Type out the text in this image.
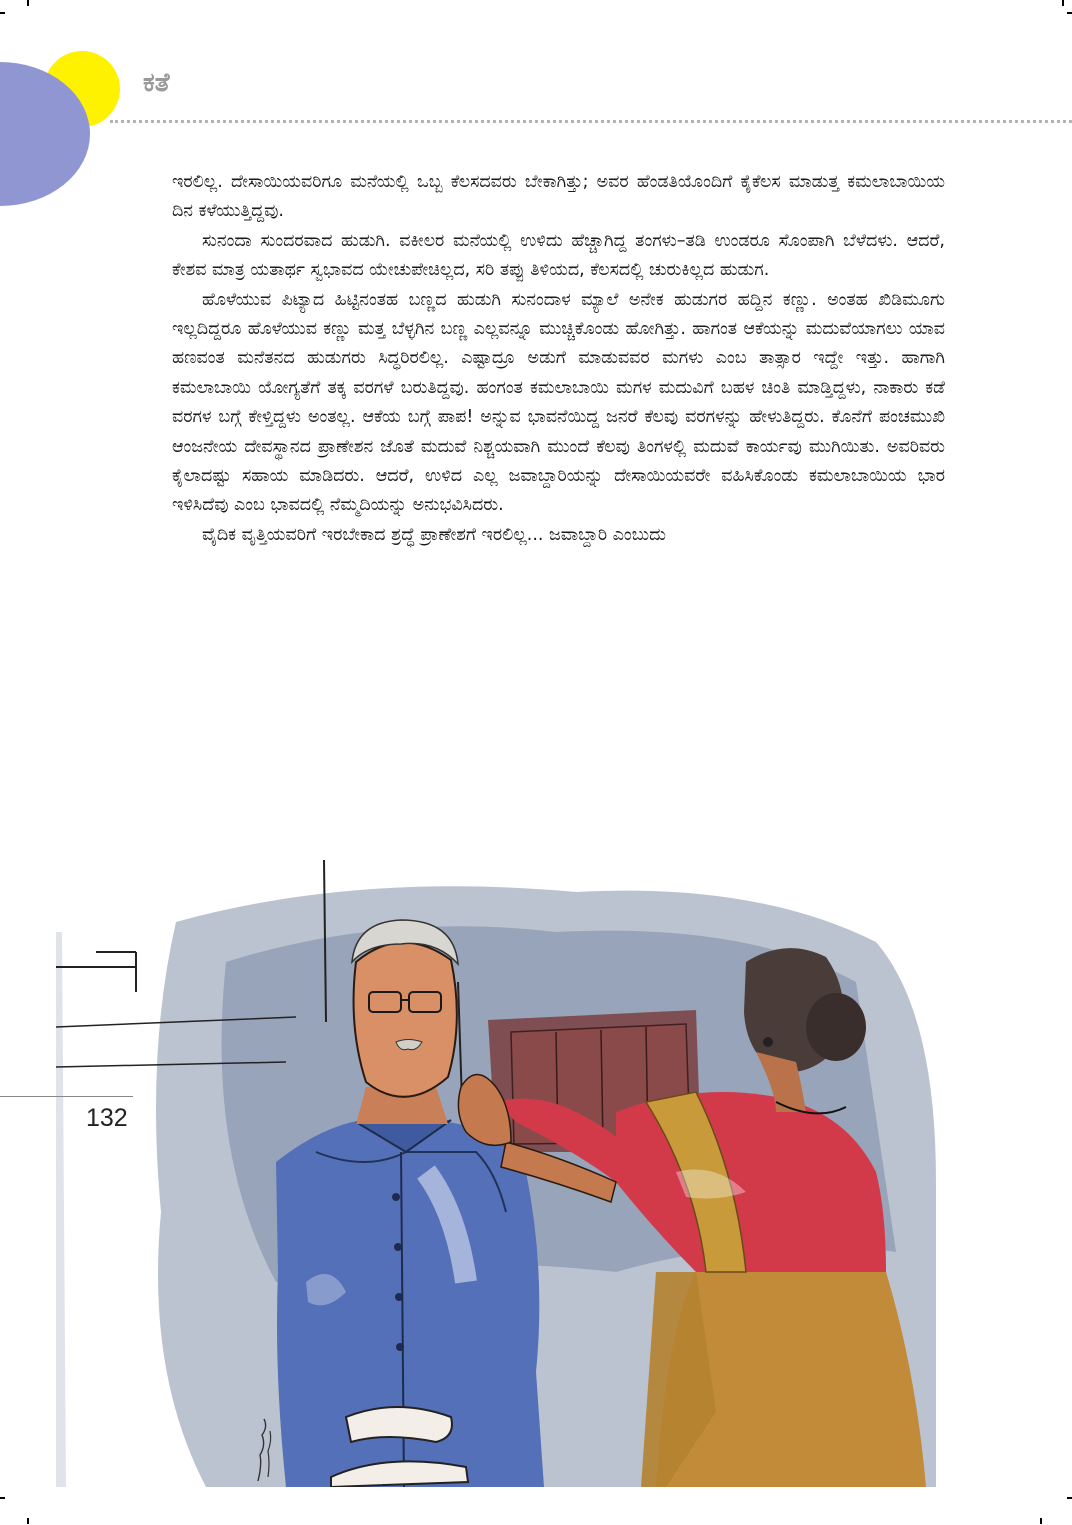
ಕತೆ

ಇರಲಿಲ್ಲ. ದೇಸಾಯಿಯವರಿಗೂ ಮನೆಯಲ್ಲಿ ಒಬ್ಬ ಕೆಲಸದವರು ಬೇಕಾಗಿತ್ತು; ಅವರ ಹೆಂಡತಿಯೊಂದಿಗೆ ಕೈಕೆಲಸ ಮಾಡುತ್ತ ಕಮಲಾಬಾಯಿಯ ದಿನ ಕಳೆಯುತ್ತಿದ್ದವು.

ಸುನಂದಾ ಸುಂದರವಾದ ಹುಡುಗಿ. ವಕೀಲರ ಮನೆಯಲ್ಲಿ ಉಳಿದು ಹೆಚ್ಚಾಗಿದ್ದ ತಂಗಳು–ತಡಿ ಉಂಡರೂ ಸೊಂಪಾಗಿ ಬೆಳೆದಳು. ಆದರೆ, ಕೇಶವ ಮಾತ್ರ ಯತಾರ್ಥ ಸ್ವಭಾವದ ಯೇಚುಪೇಚಿಲ್ಲದ, ಸರಿ ತಪ್ಪು ತಿಳಿಯದ, ಕೆಲಸದಲ್ಲಿ ಚುರುಕಿಲ್ಲದ ಹುಡುಗ.

ಹೊಳೆಯುವ ಪಿಟ್ಯಾದ ಹಿಟ್ಟಿನಂತಹ ಬಣ್ಣದ ಹುಡುಗಿ ಸುನಂದಾಳ ಮ್ಯಾಲೆ ಅನೇಕ ಹುಡುಗರ ಹದ್ದಿನ ಕಣ್ಣು. ಅಂತಹ ಖಿಡಿಮೂಗು ಇಲ್ಲದಿದ್ದರೂ ಹೊಳೆಯುವ ಕಣ್ಣು ಮತ್ತ ಬೆಳ್ಳಗಿನ ಬಣ್ಣ ಎಲ್ಲವನ್ನೂ ಮುಚ್ಚಿಕೊಂಡು ಹೋಗಿತ್ತು. ಹಾಗಂತ ಆಕೆಯನ್ನು ಮದುವೆಯಾಗಲು ಯಾವ ಹಣವಂತ ಮನೆತನದ ಹುಡುಗರು ಸಿದ್ಧರಿರಲಿಲ್ಲ. ಎಷ್ಟಾದ್ರೂ ಅಡುಗೆ ಮಾಡುವವರ ಮಗಳು ಎಂಬ ತಾತ್ಸಾರ ಇದ್ದೇ ಇತ್ತು. ಹಾಗಾಗಿ ಕಮಲಾಬಾಯಿ ಯೋಗ್ಯತೆಗೆ ತಕ್ಕ ವರಗಳೆ ಬರುತಿದ್ದವು. ಹಂಗಂತ ಕಮಲಾಬಾಯಿ ಮಗಳ ಮದುವಿಗೆ ಬಹಳ ಚಿಂತಿ ಮಾಡ್ತಿದ್ದಳು, ನಾಕಾರು ಕಡೆ ವರಗಳ ಬಗ್ಗೆ ಕೇಳ್ತಿದ್ದಳು ಅಂತಲ್ಲ. ಆಕೆಯ ಬಗ್ಗೆ ಪಾಪ! ಅನ್ನುವ ಭಾವನೆಯಿದ್ದ ಜನರೆ ಕೆಲವು ವರಗಳನ್ನು ಹೇಳುತಿದ್ದರು. ಕೊನೆಗೆ ಪಂಚಮುಖಿ ಆಂಜನೇಯ ದೇವಸ್ಥಾನದ ಪ್ರಾಣೇಶನ ಜೊತೆ ಮದುವೆ ನಿಶ್ಚಯವಾಗಿ ಮುಂದೆ ಕೆಲವು ತಿಂಗಳಲ್ಲಿ ಮದುವೆ ಕಾರ್ಯವು ಮುಗಿಯಿತು. ಅವರಿವರು ಕೈಲಾದಷ್ಟು ಸಹಾಯ ಮಾಡಿದರು. ಆದರೆ, ಉಳಿದ ಎಲ್ಲ ಜವಾಬ್ದಾರಿಯನ್ನು ದೇಸಾಯಿಯವರೇ ವಹಿಸಿಕೊಂಡು ಕಮಲಾಬಾಯಿಯ ಭಾರ ಇಳಿಸಿದೆವು ಎಂಬ ಭಾವದಲ್ಲಿ ನೆಮ್ಮದಿಯನ್ನು ಅನುಭವಿಸಿದರು.

ವೈದಿಕ ವೃತ್ತಿಯವರಿಗೆ ಇರಬೇಕಾದ ಶ್ರದ್ಧೆ ಪ್ರಾಣೇಶಗೆ ಇರಲಿಲ್ಲ... ಜವಾಬ್ದಾರಿ ಎಂಬುದು

132
